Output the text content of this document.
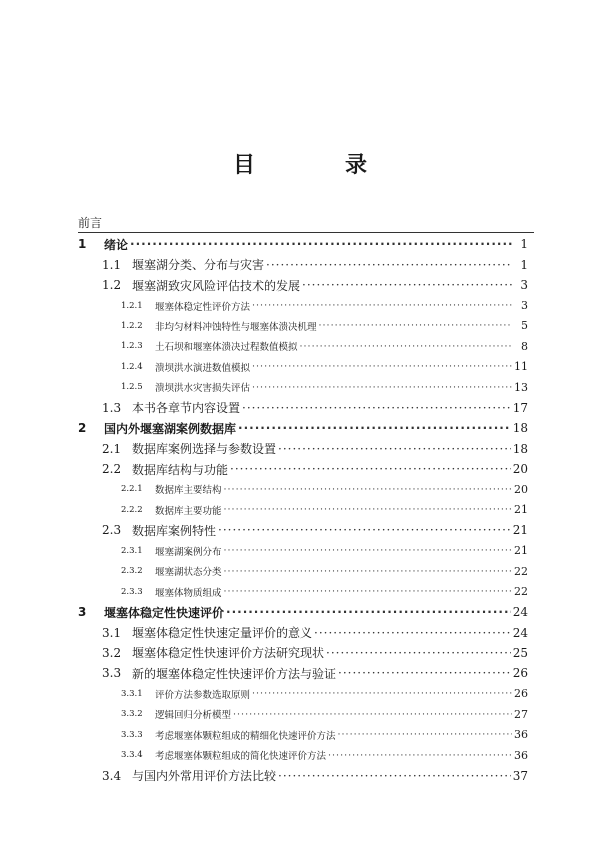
目　录
前言
1	绪论 ·····	1
1.1 堰塞湖分类、分布与灾害 ·····	1
1.2 堰塞湖致灾风险评估技术的发展 ·····	3
1.2.1	堰塞体稳定性评价方法 ·····	3
1.2.2	非均匀材料冲蚀特性与堰塞体溃决机理 ·····	5
1.2.3	土石坝和堰塞体溃决过程数值模拟 ·····	8
1.2.4	溃坝洪水演进数值模拟 ·····	11
1.2.5	溃坝洪水灾害损失评估 ·····	13
1.3 本书各章节内容设置 ·····	17
2	国内外堰塞湖案例数据库 ·····	18
2.1 数据库案例选择与参数设置 ·····	18
2.2 数据库结构与功能 ·····	20
2.2.1	数据库主要结构 ·····	20
2.2.2	数据库主要功能 ·····	21
2.3 数据库案例特性 ·····	21
2.3.1	堰塞湖案例分布 ·····	21
2.3.2	堰塞湖状态分类 ·····	22
2.3.3	堰塞体物质组成 ·····	22
3	堰塞体稳定性快速评价 ·····	24
3.1 堰塞体稳定性快速定量评价的意义 ·····	24
3.2 堰塞体稳定性快速评价方法研究现状 ·····	25
3.3 新的堰塞体稳定性快速评价方法与验证 ·····	26
3.3.1	评价方法参数选取原则 ·····	26
3.3.2	逻辑回归分析模型 ·····	27
3.3.3	考虑堰塞体颗粒组成的精细化快速评价方法 ·····	36
3.3.4	考虑堰塞体颗粒组成的简化快速评价方法 ·····	36
3.4 与国内外常用评价方法比较 ·····	37
